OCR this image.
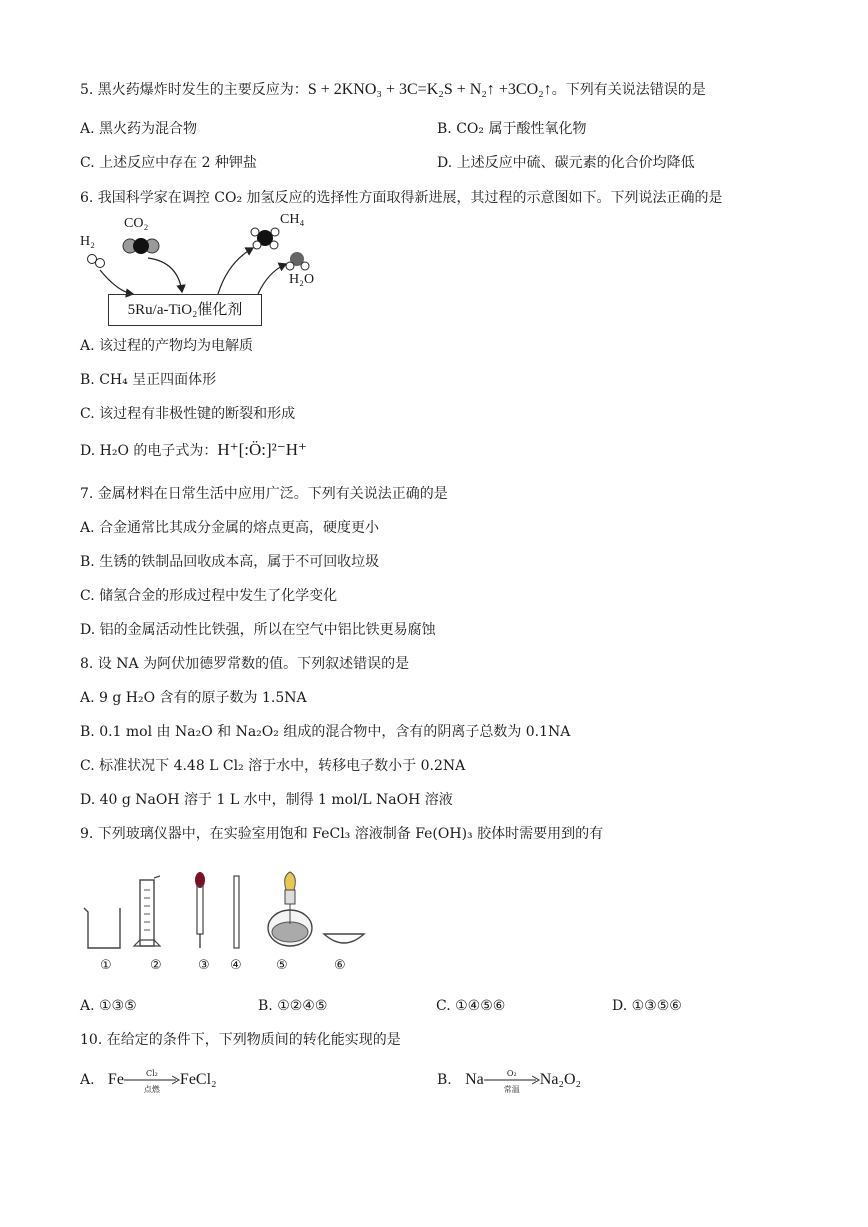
5. 黑火药爆炸时发生的主要反应为：S + 2KNO₃ + 3C=K₂S + N₂↑ +3CO₂↑。下列有关说法错误的是
A. 黑火药为混合物	B. CO₂ 属于酸性氧化物
C. 上述反应中存在 2 种钾盐	D. 上述反应中硫、碳元素的化合价均降低
6. 我国科学家在调控 CO₂ 加氢反应的选择性方面取得新进展，其过程的示意图如下。下列说法正确的是
H₂
CO₂	CH₄
H₂O
5Ru/a-TiO₂催化剂
A. 该过程的产物均为电解质
B. CH₄ 呈正四面体形
C. 该过程有非极性键的断裂和形成
D. H₂O 的电子式为：H⁺[:Ö:]²⁻H⁺
7. 金属材料在日常生活中应用广泛。下列有关说法正确的是
A. 合金通常比其成分金属的熔点更高，硬度更小
B. 生锈的铁制品回收成本高，属于不可回收垃圾
C. 储氢合金的形成过程中发生了化学变化
D. 铝的金属活动性比铁强，所以在空气中铝比铁更易腐蚀
8. 设 NA 为阿伏加德罗常数的值。下列叙述错误的是
A. 9 g H₂O 含有的原子数为 1.5NA
B. 0.1 mol 由 Na₂O 和 Na₂O₂ 组成的混合物中，含有的阴离子总数为 0.1NA
C. 标准状况下 4.48 L Cl₂ 溶于水中，转移电子数小于 0.2NA
D. 40 g NaOH 溶于 1 L 水中，制得 1 mol/L NaOH 溶液
9. 下列玻璃仪器中，在实验室用饱和 FeCl₃ 溶液制备 Fe(OH)₃ 胶体时需要用到的有
①	②	③ ④	⑤	⑥
A. ①③⑤	B. ①②④⑤	C. ①④⑤⑥	D. ①③⑤⑥
10. 在给定的条件下，下列物质间的转化能实现的是
A. Fe	Cl₂
点燃
FeCl₂	B. Na	O₂
常温
Na₂O₂
